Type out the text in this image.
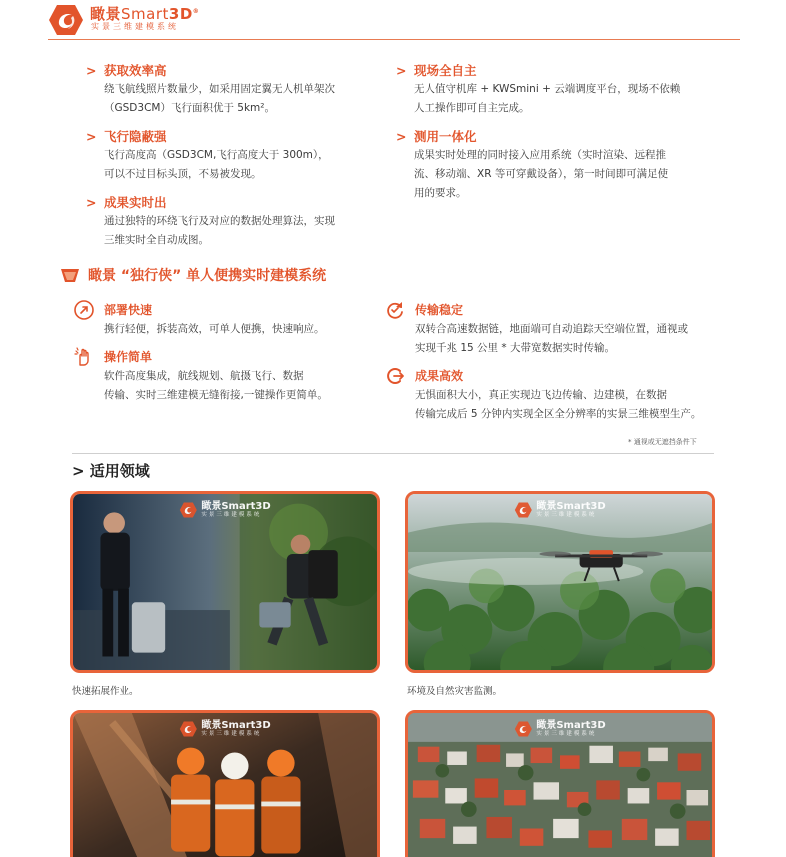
瞰景Smart3D®
实景三维建模系统
> 获取效率高
绕飞航线照片数量少，如采用固定翼无人机单架次
（GSD3CM）飞行面积优于 5km²。
> 飞行隐蔽强
飞行高度高（GSD3CM,飞行高度大于 300m），
可以不过目标头顶，不易被发现。
> 成果实时出
通过独特的环绕飞行及对应的数据处理算法，实现
三维实时全自动成图。
> 现场全自主
无人值守机库 + KWSmini + 云端调度平台，现场不依赖
人工操作即可自主完成。
> 测用一体化
成果实时处理的同时接入应用系统（实时渲染、远程推
流、移动端、XR 等可穿戴设备），第一时间即可满足使
用的要求。
瞰景 “独行侠” 单人便携实时建模系统
部署快速
携行轻便，拆装高效，可单人便携，快速响应。
操作简单
软件高度集成，航线规划、航摄飞行、数据
传输、实时三维建模无缝衔接,一键操作更简单。
传输稳定
双转合高速数据链，地面端可自动追踪天空端位置，通视或
实现千兆 15 公里 * 大带宽数据实时传输。
成果高效
无惧面积大小，真正实现边飞边传输、边建模，在数据
传输完成后 5 分钟内实现全区全分辨率的实景三维模型生产。
* 通视或无遮挡条件下
> 适用领域
瞰景Smart3D
实景三维建模系统
快速拓展作业。
瞰景Smart3D
实景三维建模系统
环境及自然灾害监测。
瞰景Smart3D
实景三维建模系统
瞰景Smart3D
实景三维建模系统
